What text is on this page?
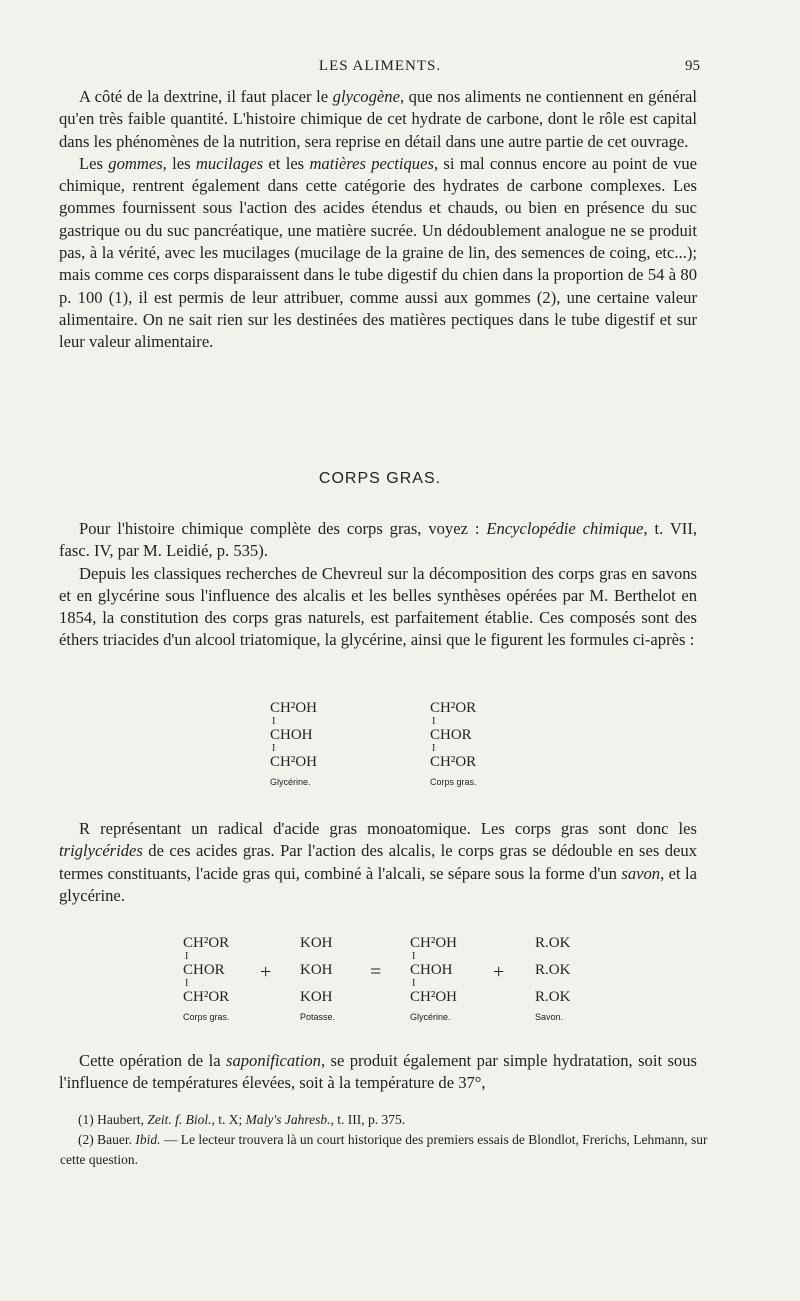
LES ALIMENTS.	95

A côté de la dextrine, il faut placer le glycogène, que nos aliments ne contiennent en général qu'en très faible quantité. L'histoire chimique de cet hydrate de carbone, dont le rôle est capital dans les phénomènes de la nutrition, sera reprise en détail dans une autre partie de cet ouvrage.

Les gommes, les mucilages et les matières pectiques, si mal connus encore au point de vue chimique, rentrent également dans cette catégorie des hydrates de carbone complexes. Les gommes fournissent sous l'action des acides étendus et chauds, ou bien en présence du suc gastrique ou du suc pancréatique, une matière sucrée. Un dédoublement analogue ne se produit pas, à la vérité, avec les mucilages (mucilage de la graine de lin, des semences de coing, etc...); mais comme ces corps disparaissent dans le tube digestif du chien dans la proportion de 54 à 80 p. 100 (1), il est permis de leur attribuer, comme aussi aux gommes (2), une certaine valeur alimentaire. On ne sait rien sur les destinées des matières pectiques dans le tube digestif et sur leur valeur alimentaire.

CORPS GRAS.

Pour l'histoire chimique complète des corps gras, voyez : Encyclopédie chimique, t. VII, fasc. IV, par M. Leidié, p. 535).

Depuis les classiques recherches de Chevreul sur la décomposition des corps gras en savons et en glycérine sous l'influence des alcalis et les belles synthèses opérées par M. Berthelot en 1854, la constitution des corps gras naturels, est parfaitement établie. Ces composés sont des éthers triacides d'un alcool triatomique, la glycérine, ainsi que le figurent les formules ci-après :

CH²OH
I
CHOH
I
CH²OH
Glycérine.
CH²OR
I
CHOR
I
CH²OR
Corps gras.

R représentant un radical d'acide gras monoatomique. Les corps gras sont donc les triglycérides de ces acides gras. Par l'action des alcalis, le corps gras se dédouble en ses deux termes constituants, l'acide gras qui, combiné à l'alcali, se sépare sous la forme d'un savon, et la glycérine.

CH²OR
I
CHOR
I
CH²OR
Corps gras.
+
KOH

KOH

KOH
Potasse.
=
CH²OH
I
CHOH
I
CH²OH
Glycérine.
+
R.OK

R.OK

R.OK
Savon.

Cette opération de la saponification, se produit également par simple hydratation, soit sous l'influence de températures élevées, soit à la température de 37°,

(1) Haubert, Zeit. f. Biol., t. X; Maly's Jahresb., t. III, p. 375.

(2) Bauer. Ibid. — Le lecteur trouvera là un court historique des premiers essais de Blondlot, Frerichs, Lehmann, sur cette question.
